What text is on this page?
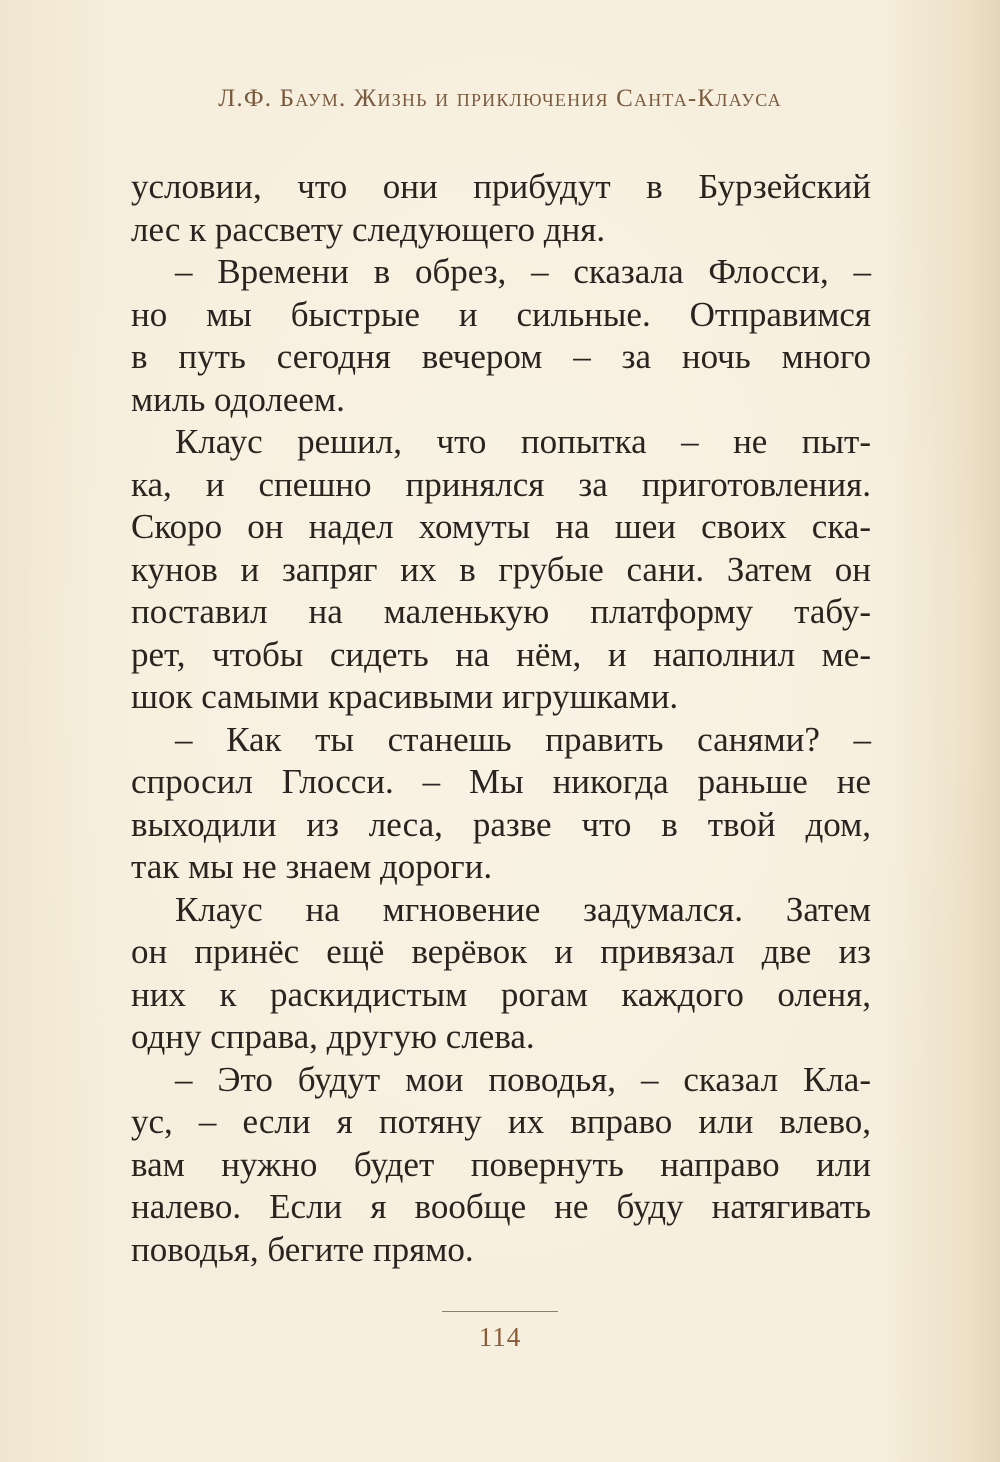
Л.Ф. Баум. Жизнь и приключения Санта-Клауса
условии, что они прибудут в Бурзейский
лес к рассвету следующего дня.
– Времени в обрез, – сказала Флосси, –
но мы быстрые и сильные. Отправимся
в путь сегодня вечером – за ночь много
миль одолеем.
Клаус решил, что попытка – не пыт-
ка, и спешно принялся за приготовления.
Скоро он надел хомуты на шеи своих ска-
кунов и запряг их в грубые сани. Затем он
поставил на маленькую платформу табу-
рет, чтобы сидеть на нём, и наполнил ме-
шок самыми красивыми игрушками.
– Как ты станешь править санями? –
спросил Глосси. – Мы никогда раньше не
выходили из леса, разве что в твой дом,
так мы не знаем дороги.
Клаус на мгновение задумался. Затем
он принёс ещё верёвок и привязал две из
них к раскидистым рогам каждого оленя,
одну справа, другую слева.
– Это будут мои поводья, – сказал Кла-
ус, – если я потяну их вправо или влево,
вам нужно будет повернуть направо или
налево. Если я вообще не буду натягивать
поводья, бегите прямо.
114
